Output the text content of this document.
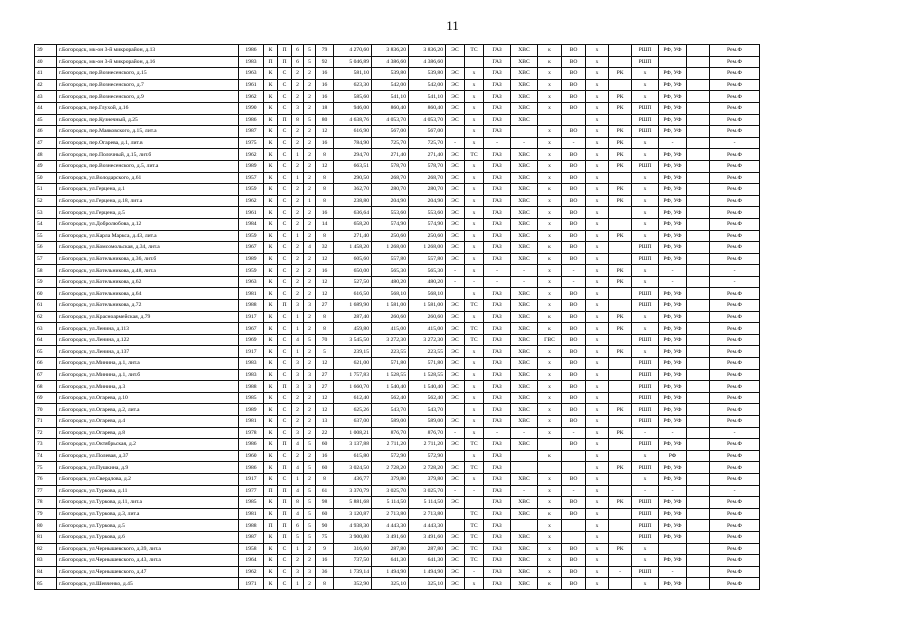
11
39	г.Богородск, мк-он 3-й микрорайон, д.13	1986	К	П	6	5	79	4 270,60	3 836,20	3 836,20	ЭС	ТС	ГАЗ	ХВС	к	ВО	х		РШП	РФ, УФ		Рем.Ф
40	г.Богородск, мк-он 3-й микрорайон, д.16	1983	П	П	6	5	92	5 046,89	4 386,60	4 386,60			ГАЗ	ХВС	к	ВО	х		РШП			Рем.Ф
41	г.Богородск, пер.Вознесенского, д.15	1963	К	С	2	2	16	581,10	539,80	539,80	ЭС	х	ГАЗ	ХВС	х	ВО	х	РК	х	РФ, УФ		Рем.Ф
42	г.Богородск, пер.Вознесенского, д.7	1961	К	С	2	2	16	623,30	542,00	542,00	ЭС	х	ГАЗ	ХВС	х	ВО	х		х	РФ, УФ		Рем.Ф
43	г.Богородск, пер.Вознесенского, д.9	1962	К	С	2	2	16	585,60	541,10	541,10	ЭС	х	ГАЗ	ХВС	х	ВО	х	РК	х	РФ, УФ		Рем.Ф
44	г.Богородск, пер.Глухой, д.16	1990	К	С	3	2	18	946,00	860,40	860,40	ЭС	х	ГАЗ	ХВС	х	ВО	х	РК	РШП	РФ, УФ		Рем.Ф
45	г.Богородск, пер.Кузнечный, д.25	1986	К	П	8	5	80	4 638,76	4 053,70	4 053,70	ЭС	х	ГАЗ	ХВС			х		РШП	РФ, УФ		Рем.Ф
46	г.Богородск, пер.Маяковского, д.15, лит.а	1987	К	С	2	2	12	616,90	567,00	567,00		х	ГАЗ		х	ВО	х	РК	РШП	РФ, УФ		Рем.Ф
47	г.Богородск, пер.Огарева, д.1, лит.в	1975	К	С	2	2	16	784,90	725,70	725,70	-	х	-	-	х	-	х	РК	х	-		-
48	г.Богородск, пер.Полочный, д.15, лит.б	1962	К	С	1	2	8	294,70	271,40	271,40	ЭС	ТС	ГАЗ	ХВС	х	ВО	х	РК	х	РФ, УФ		Рем.Ф
49	г.Богородск, пер.Вознесенского, д.5, лит.а	1989	К	С	2	2	12	663,51	578,70	578,70	ЭС	х	ГАЗ	ХВС	х	ВО	х	РК	РШП	РФ, УФ		Рем.Ф
50	г.Богородск, ул.Володарского, д.61	1957	К	С	1	2	8	290,50	268,70	268,70	ЭС	х	ГАЗ	ХВС	х	ВО	х		х	РФ, УФ		Рем.Ф
51	г.Богородск, ул.Герцена, д.1	1959	К	С	2	2	8	362,70	280,70	280,70	ЭС	х	ГАЗ	ХВС	к	ВО	х	РК	х	РФ, УФ		Рем.Ф
52	г.Богородск, ул.Герцена, д.18, лит.а	1962	К	С	2	1	8	238,80	204,90	204,90	ЭС	х	ГАЗ	ХВС	х	ВО	х	РК	х	РФ, УФ		Рем.Ф
53	г.Богородск, ул.Герцена, д.5	1961	К	С	2	2	16	636,64	553,60	553,60	ЭС	х	ГАЗ	ХВС	х	ВО	х		х	РФ, УФ		Рем.Ф
54	г.Богородск, ул.Добролюбова, д.12	1984	К	С	2	2	14	658,20	574,90	574,90	ЭС	х	ГАЗ	ХВС	х	ВО	х		х	РФ, УФ		Рем.Ф
55	г.Богородск, ул.Карла Маркса, д.43, лит.а	1959	К	С	1	2	8	271,40	250,60	250,60	ЭС	х	ГАЗ	ХВС	х	ВО	х	РК	х	РФ, УФ		Рем.Ф
56	г.Богородск, ул.Комсомольская, д.34, лит.а	1967	К	С	2	4	32	1 458,20	1 268,00	1 268,00	ЭС	х	ГАЗ	ХВС	к	ВО	х		РШП	РФ, УФ		Рем.Ф
57	г.Богородск, ул.Котельникова, д.36, лит.б	1989	К	С	2	2	12	605,60	557,80	557,80	ЭС	х	ГАЗ	ХВС	к	ВО	х		РШП	РФ, УФ		Рем.Ф
58	г.Богородск, ул.Котельникова, д.48, лит.а	1959	К	С	2	2	16	650,00	565,30	565,30	-	х	-	-	х	-	х	РК	х	-		-
59	г.Богородск, ул.Котельникова, д.62	1963	К	С	2	2	12	527,50	480,20	480,20	-	-	-	-	х	-	х	РК	х	-		-
60	г.Богородск, ул.Котельникова, д.64	1981	К	С	2	2	12	616,50	568,10	568,10		х	ГАЗ	ХВС	х	ВО	х		РШП	РФ, УФ		Рем.Ф
61	г.Богородск, ул.Котельникова, д.72	1988	К	П	3	3	27	1 689,90	1 581,00	1 581,00	ЭС	ТС	ГАЗ	ХВС	х	ВО	х		РШП	РФ, УФ		Рем.Ф
62	г.Богородск, ул.Красноармейская, д.79	1917	К	С	1	2	8	287,40	260,60	260,60	ЭС	х	ГАЗ	ХВС	к	ВО	х	РК	х	РФ, УФ		Рем.Ф
63	г.Богородск, ул.Ленина, д.113	1967	К	С	1	2	8	459,80	415,00	415,00	ЭС	ТС	ГАЗ	ХВС	к	ВО	х	РК	х	РФ, УФ		Рем.Ф
64	г.Богородск, ул.Ленина, д.122	1969	К	С	4	5	70	3 545,50	3 272,30	3 272,30	ЭС	ТС	ГАЗ	ХВС	ГВС	ВО	х		РШП	РФ, УФ		Рем.Ф
65	г.Богородск, ул.Ленина, д.137	1917	К	С	1	2	5	239,15	223,55	223,55	ЭС	х	ГАЗ	ХВС	х	ВО	х	РК	х	РФ, УФ		Рем.Ф
66	г.Богородск, ул.Минина, д.1, лит.а	1983	К	С	3	2	12	621,00	571,80	571,80	ЭС	х	ГАЗ	ХВС	х	ВО	х		РШП	РФ, УФ		Рем.Ф
67	г.Богородск, ул.Минина, д.1, лит.б	1983	К	С	3	3	27	1 757,83	1 528,55	1 528,55	ЭС	х	ГАЗ	ХВС	х	ВО	х		РШП	РФ, УФ		Рем.Ф
68	г.Богородск, ул.Минина, д.3	1988	К	П	3	3	27	1 660,70	1 540,40	1 540,40	ЭС	х	ГАЗ	ХВС	х	ВО	х		РШП	РФ, УФ		Рем.Ф
69	г.Богородск, ул.Огарева, д.10	1985	К	С	2	2	12	612,40	562,40	562,40	ЭС	х	ГАЗ	ХВС	х	ВО	х		РШП	РФ, УФ		Рем.Ф
70	г.Богородск, ул.Огарева, д.2, лит.а	1989	К	С	2	2	12	625,26	543,70	543,70		х	ГАЗ	ХВС	х	ВО	х	РК	РШП	РФ, УФ		Рем.Ф
71	г.Богородск, ул.Огарева, д.4	1981	К	С	2	2	13	637,00	589,00	589,00	ЭС	х	ГАЗ	ХВС	х	ВО	х		РШП	РФ, УФ		Рем.Ф
72	г.Богородск, ул.Огарева, д.8	1978	К	С	3	2	22	1 008,21	876,70	876,70	-	х	-	-	х	-	х	РК	-	-		-
73	г.Богородск, ул.Октябрьская, д.2	1986	К	П	4	5	60	3 137,88	2 711,20	2 711,20	ЭС	ТС	ГАЗ	ХВС		ВО	х		РШП	РФ, УФ		Рем.Ф
74	г.Богородск, ул.Полевая, д.37	1960	К	С	2	2	16	615,80	572,90	572,90		х	ГАЗ		к		х		х	РФ		Рем.Ф
75	г.Богородск, ул.Пушкина, д.9	1986	К	П	4	5	60	3 024,50	2 728,20	2 728,20	ЭС	ТС	ГАЗ				х	РК	РШП	РФ, УФ		Рем.Ф
76	г.Богородск, ул.Свердлова, д.2	1917	К	С	1	2	8	436,77	379,80	379,80	ЭС	х	ГАЗ	ХВС	х	ВО	х		х	РФ, УФ		Рем.Ф
77	г.Богородск, ул.Туркова, д.11	1977	П	П	4	5	61	3 370,79	3 025,70	3 025,70	-	-	ГАЗ	-	х	-	х		-	-		-
78	г.Богородск, ул.Туркова, д.11, лит.а	1985	К	П	8	5	98	5 881,68	5 114,50	5 114,50	ЭС		ГАЗ	ХВС	х	ВО	х	РК	РШП	РФ, УФ		Рем.Ф
79	г.Богородск, ул.Туркова, д.3, лит.а	1981	К	П	4	5	60	3 120,87	2 713,80	2 713,80		ТС	ГАЗ	ХВС	к	ВО	х		РШП	РФ, УФ		Рем.Ф
80	г.Богородск, ул.Туркова, д.5	1988	П	П	6	5	90	4 938,30	4 443,30	4 443,30		ТС	ГАЗ		х		х		РШП	РФ, УФ		Рем.Ф
81	г.Богородск, ул.Туркова, д.6	1987	К	П	5	5	75	3 900,80	3 491,60	3 491,60	ЭС	ТС	ГАЗ	ХВС	х		х		РШП	РФ, УФ		Рем.Ф
82	г.Богородск, ул.Чернышевского, д.39, лит.а	1958	К	С	1	2	9	316,60	287,80	287,80	ЭС	ТС	ГАЗ	ХВС	х	ВО	х	РК	х			Рем.Ф
83	г.Богородск, ул.Чернышевского, д.43, лит.а	1964	К	С	2	2	16	737,50	641,30	641,30	ЭС	ТС	ГАЗ	ХВС	х	ВО	х		х	РФ, УФ		Рем.Ф
84	г.Богородск, ул.Чернышевского, д.47	1962	К	С	3	3	36	1 739,14	1 494,90	1 494,90	ЭС	-	ГАЗ	ХВС	х	ВО	х	-	РШП	-		Рем.Ф
85	г.Богородск, ул.Шевченко, д.45	1971	К	С	1	2	8	352,90	325,10	325,10	ЭС	х	ГАЗ	ХВС	к	ВО	х		х	РФ, УФ		Рем.Ф
